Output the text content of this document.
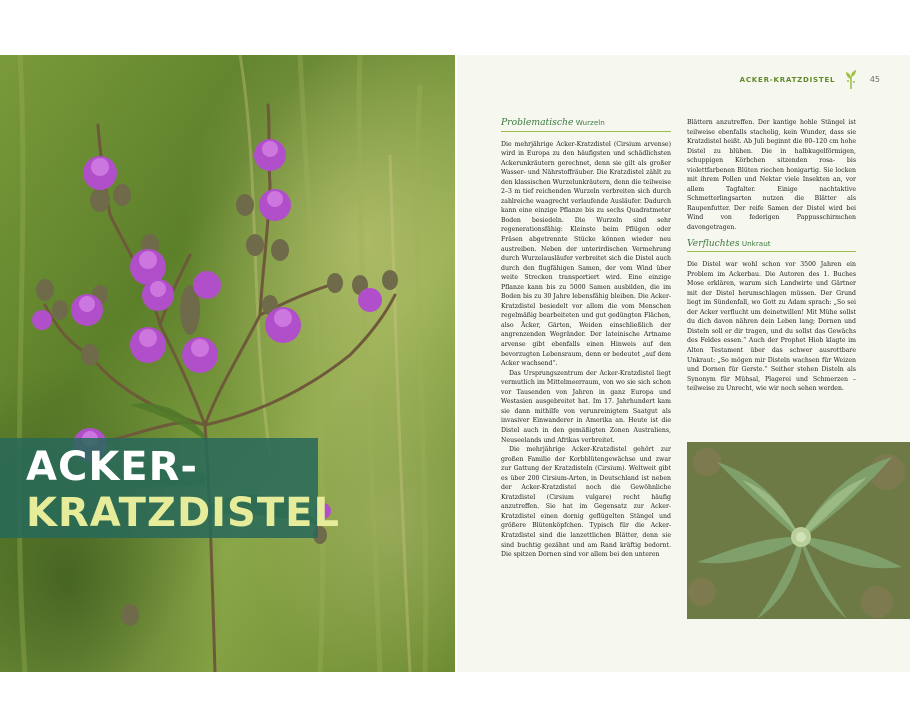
ACKER-
KRATZDISTEL
ACKER-KRATZDISTEL	45
Problematische Wurzeln

Die mehrjährige Acker-Kratzdistel (Cirsium arvense) wird in Europa zu den häufigsten und schädlichsten Ackerunkräutern gerechnet, denn sie gilt als großer Wasser- und Nährstoffräuber. Die Kratzdistel zählt zu den klassischen Wurzelunkräutern, denn die teilweise 2–3 m tief reichenden Wurzeln verbreiten sich durch zahlreiche waagrecht verlaufende Ausläufer. Dadurch kann eine einzige Pflanze bis zu sechs Quadratmeter Boden besiedeln. Die Wurzeln sind sehr regenerationsfähig: Kleinste beim Pflügen oder Fräsen abgetrennte Stücke können wieder neu austreiben. Neben der unterirdischen Vermehrung durch Wurzelausläufer verbreitet sich die Distel auch durch den flugfähigen Samen, der vom Wind über weite Strecken transportiert wird. Eine einzige Pflanze kann bis zu 5000 Samen ausbilden, die im Boden bis zu 30 Jahre lebensfähig bleiben. Die Acker-Kratzdistel besiedelt vor allem die vom Menschen regelmäßig bearbeiteten und gut gedüngten Flächen, also Äcker, Gärten, Weiden einschließlich der angrenzenden Wegränder. Der lateinische Artname arvense gibt ebenfalls einen Hinweis auf den bevorzugten Lebensraum, denn er bedeutet „auf dem Acker wachsend“.

Das Ursprungszentrum der Acker-Kratzdistel liegt vermutlich im Mittelmeerraum, von wo sie sich schon vor Tausenden von Jahren in ganz Europa und Westasien ausgebreitet hat. Im 17. Jahrhundert kam sie dann mithilfe von verunreinigtem Saatgut als invasiver Einwanderer in Amerika an. Heute ist die Distel auch in den gemäßigten Zonen Australiens, Neuseelands und Afrikas verbreitet.

Die mehrjährige Acker-Kratzdistel gehört zur großen Familie der Korbblütengewächse und zwar zur Gattung der Kratzdisteln (Cirsium). Weltweit gibt es über 200 Cirsium-Arten, in Deutschland ist neben der Acker-Kratzdistel noch die Gewöhnliche Kratzdistel (Cirsium vulgare) recht häufig anzutreffen. Sie hat im Gegensatz zur Acker-Kratzdistel einen dornig geflügelten Stängel und größere Blütenköpfchen. Typisch für die Acker-Kratzdistel sind die lanzettlichen Blätter, denn sie sind buchtig gezähnt und am Rand kräftig bedornt. Die spitzen Dornen sind vor allem bei den unteren

Blättern anzutreffen. Der kantige hohle Stängel ist teilweise ebenfalls stachelig, kein Wunder, dass sie Kratzdistel heißt. Ab Juli beginnt die 80–120 cm hohe Distel zu blühen. Die in halbkugelförmigen, schuppigen Körbchen sitzenden rosa- bis violettfarbenen Blüten riechen honigartig. Sie locken mit ihrem Pollen und Nektar viele Insekten an, vor allem Tagfalter. Einige nachtaktive Schmetterlingsarten nutzen die Blätter als Raupenfutter. Der reife Samen der Distel wird bei Wind von federigen Pappusschirmchen davongetragen.

Verfluchtes Unkraut

Die Distel war wohl schon vor 3500 Jahren ein Problem im Ackerbau. Die Autoren des 1. Buches Mose erklären, warum sich Landwirte und Gärtner mit der Distel herumschlagen müssen. Der Grund liegt im Sündenfall, wo Gott zu Adam sprach: „So sei der Acker verflucht um deinetwillen! Mit Mühe sollst du dich davon nähren dein Leben lang; Dornen und Disteln soll er dir tragen, und du sollst das Gewächs des Feldes essen.“ Auch der Prophet Hiob klagte im Alten Testament über das schwer ausrottbare Unkraut: „So mögen mir Disteln wachsen für Weizen und Dornen für Gerste.“ Seither stehen Disteln als Synonym für Mühsal, Plagerei und Schmerzen – teilweise zu Unrecht, wie wir noch sehen werden.
